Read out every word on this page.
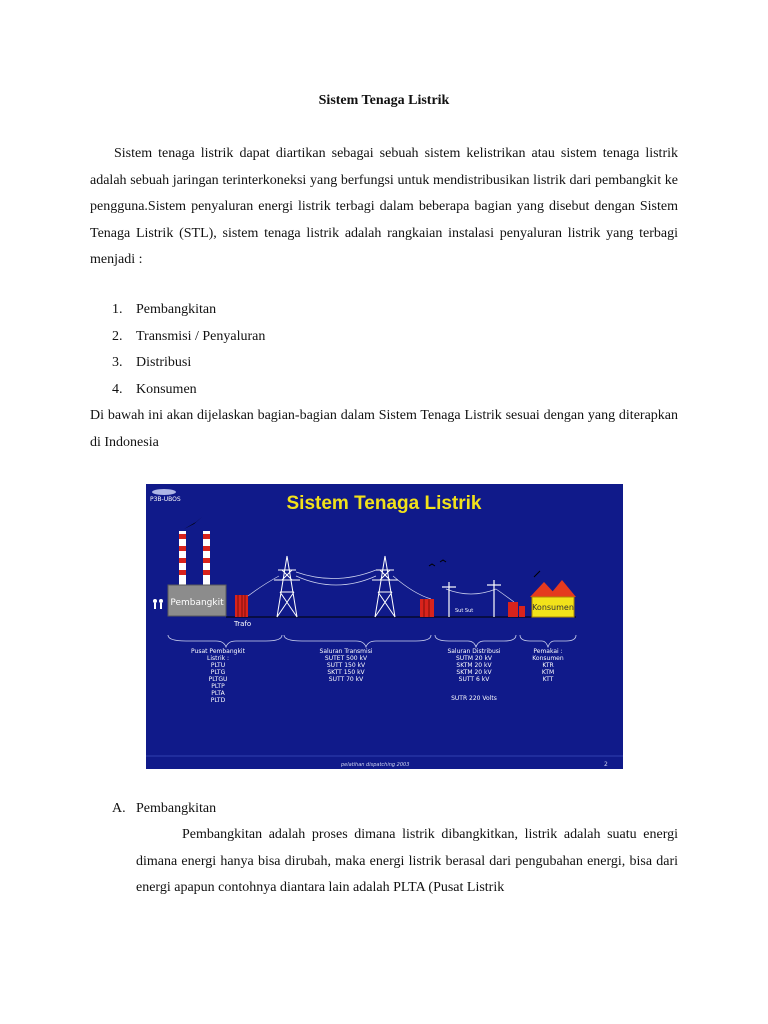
Sistem Tenaga Listrik
Sistem tenaga listrik dapat diartikan sebagai sebuah sistem kelistrikan atau sistem tenaga listrik adalah sebuah jaringan terinterkoneksi yang berfungsi untuk mendistribusikan listrik dari pembangkit ke pengguna.Sistem penyaluran energi listrik terbagi dalam beberapa bagian yang disebut dengan Sistem Tenaga Listrik (STL), sistem tenaga listrik adalah rangkaian instalasi penyaluran listrik yang terbagi menjadi :
1. Pembangkitan
2. Transmisi / Penyaluran
3. Distribusi
4. Konsumen
Di bawah ini akan dijelaskan bagian-bagian dalam Sistem Tenaga Listrik sesuai dengan yang diterapkan di Indonesia
P3B-UBOS	Sistem Tenaga Listrik
Pembangkit
Trafo
Sut Sut	Konsumen
Pusat Pembangkit
Listrik :
PLTU
PLTG
PLTGU
PLTP
PLTA
PLTD
Saluran Transmisi
SUTET 500 kV
SUTT 150 kV
SKTT 150 kV
SUTT 70 kV
Saluran Distribusi
SUTM 20 kV
SKTM 20 kV
SKTM 20 kV
SUTT 6 kV
SUTR 220 Volts
Pemakai :
Konsumen
KTR
KTM
KTT
pelatihan dispatching 2003	2
A. Pembangkitan
Pembangkitan adalah proses dimana listrik dibangkitkan, listrik adalah suatu energi dimana energi hanya bisa dirubah, maka energi listrik berasal dari pengubahan energi, bisa dari energi apapun contohnya diantara lain adalah PLTA (Pusat Listrik
